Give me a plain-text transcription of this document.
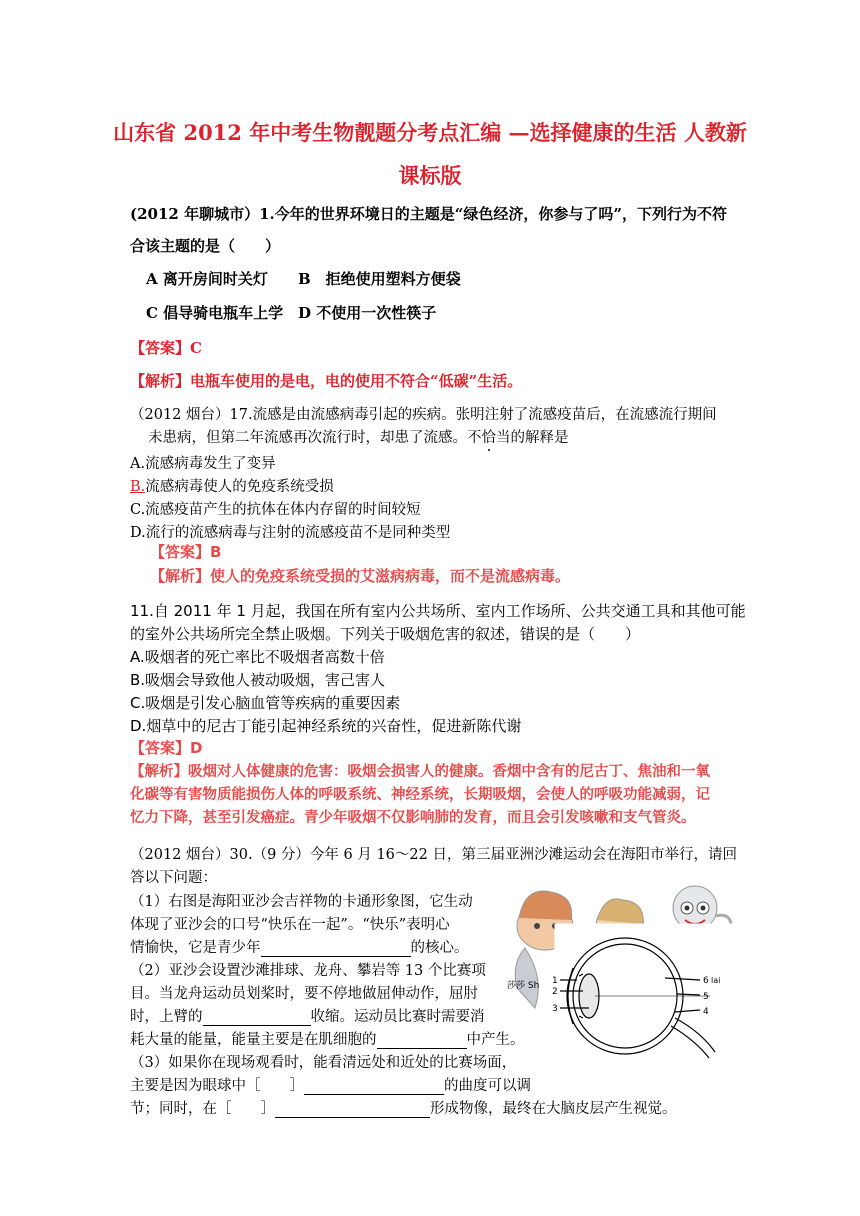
山东省 2012 年中考生物靓题分考点汇编 —选择健康的生活 人教新
课标版
(2012 年聊城市）1.今年的世界环境日的主题是“绿色经济，你参与了吗”，下列行为不符
合该主题的是（　　）
A 离开房间时关灯 B　拒绝使用塑料方便袋
C 倡导骑电瓶车上学 D 不使用一次性筷子
【答案】C
【解析】电瓶车使用的是电，电的使用不符合“低碳”生活。
（2012 烟台）17.流感是由流感病毒引起的疾病。张明注射了流感疫苗后，在流感流行期间
未患病，但第二年流感再次流行时，却患了流感。不恰当的解释是
A.流感病毒发生了变异
B.流感病毒使人的免疫系统受损
C.流感疫苗产生的抗体在体内存留的时间较短
D.流行的流感病毒与注射的流感疫苗不是同种类型
【答案】B
【解析】使人的免疫系统受损的艾滋病病毒，而不是流感病毒。
11.自 2011 年 1 月起，我国在所有室内公共场所、室内工作场所、公共交通工具和其他可能
的室外公共场所完全禁止吸烟。下列关于吸烟危害的叙述，错误的是（　　）
A.吸烟者的死亡率比不吸烟者高数十倍
B.吸烟会导致他人被动吸烟，害己害人
C.吸烟是引发心脑血管等疾病的重要因素
D.烟草中的尼古丁能引起神经系统的兴奋性，促进新陈代谢
【答案】D
【解析】吸烟对人体健康的危害：吸烟会损害人的健康。香烟中含有的尼古丁、焦油和一氧
化碳等有害物质能损伤人体的呼吸系统、神经系统，长期吸烟，会使人的呼吸功能减弱，记
忆力下降，甚至引发癌症。青少年吸烟不仅影响肺的发育，而且会引发咳嗽和支气管炎。
（2012 烟台）30.（9 分）今年 6 月 16～22 日，第三届亚洲沙滩运动会在海阳市举行，请回
答以下问题：
（1）右图是海阳亚沙会吉祥物的卡通形象图，它生动
体现了亚沙会的口号“快乐在一起”。“快乐”表明心
情愉快，它是青少年	的核心。
（2）亚沙会设置沙滩排球、龙舟、攀岩等 13 个比赛项
目。当龙舟运动员划桨时，要不停地做屈伸动作，屈肘
时，上臂的	收缩。运动员比赛时需要消
耗大量的能量，能量主要是在肌细胞的	中产生。
（3）如果你在现场观看时，能看清远处和近处的比赛场面，
主要是因为眼球中［　　］	的曲度可以调
节；同时，在［　　］	形成物像，最终在大脑皮层产生视觉。
莎莎 Sh 1
2
3	4
5
6 lai
